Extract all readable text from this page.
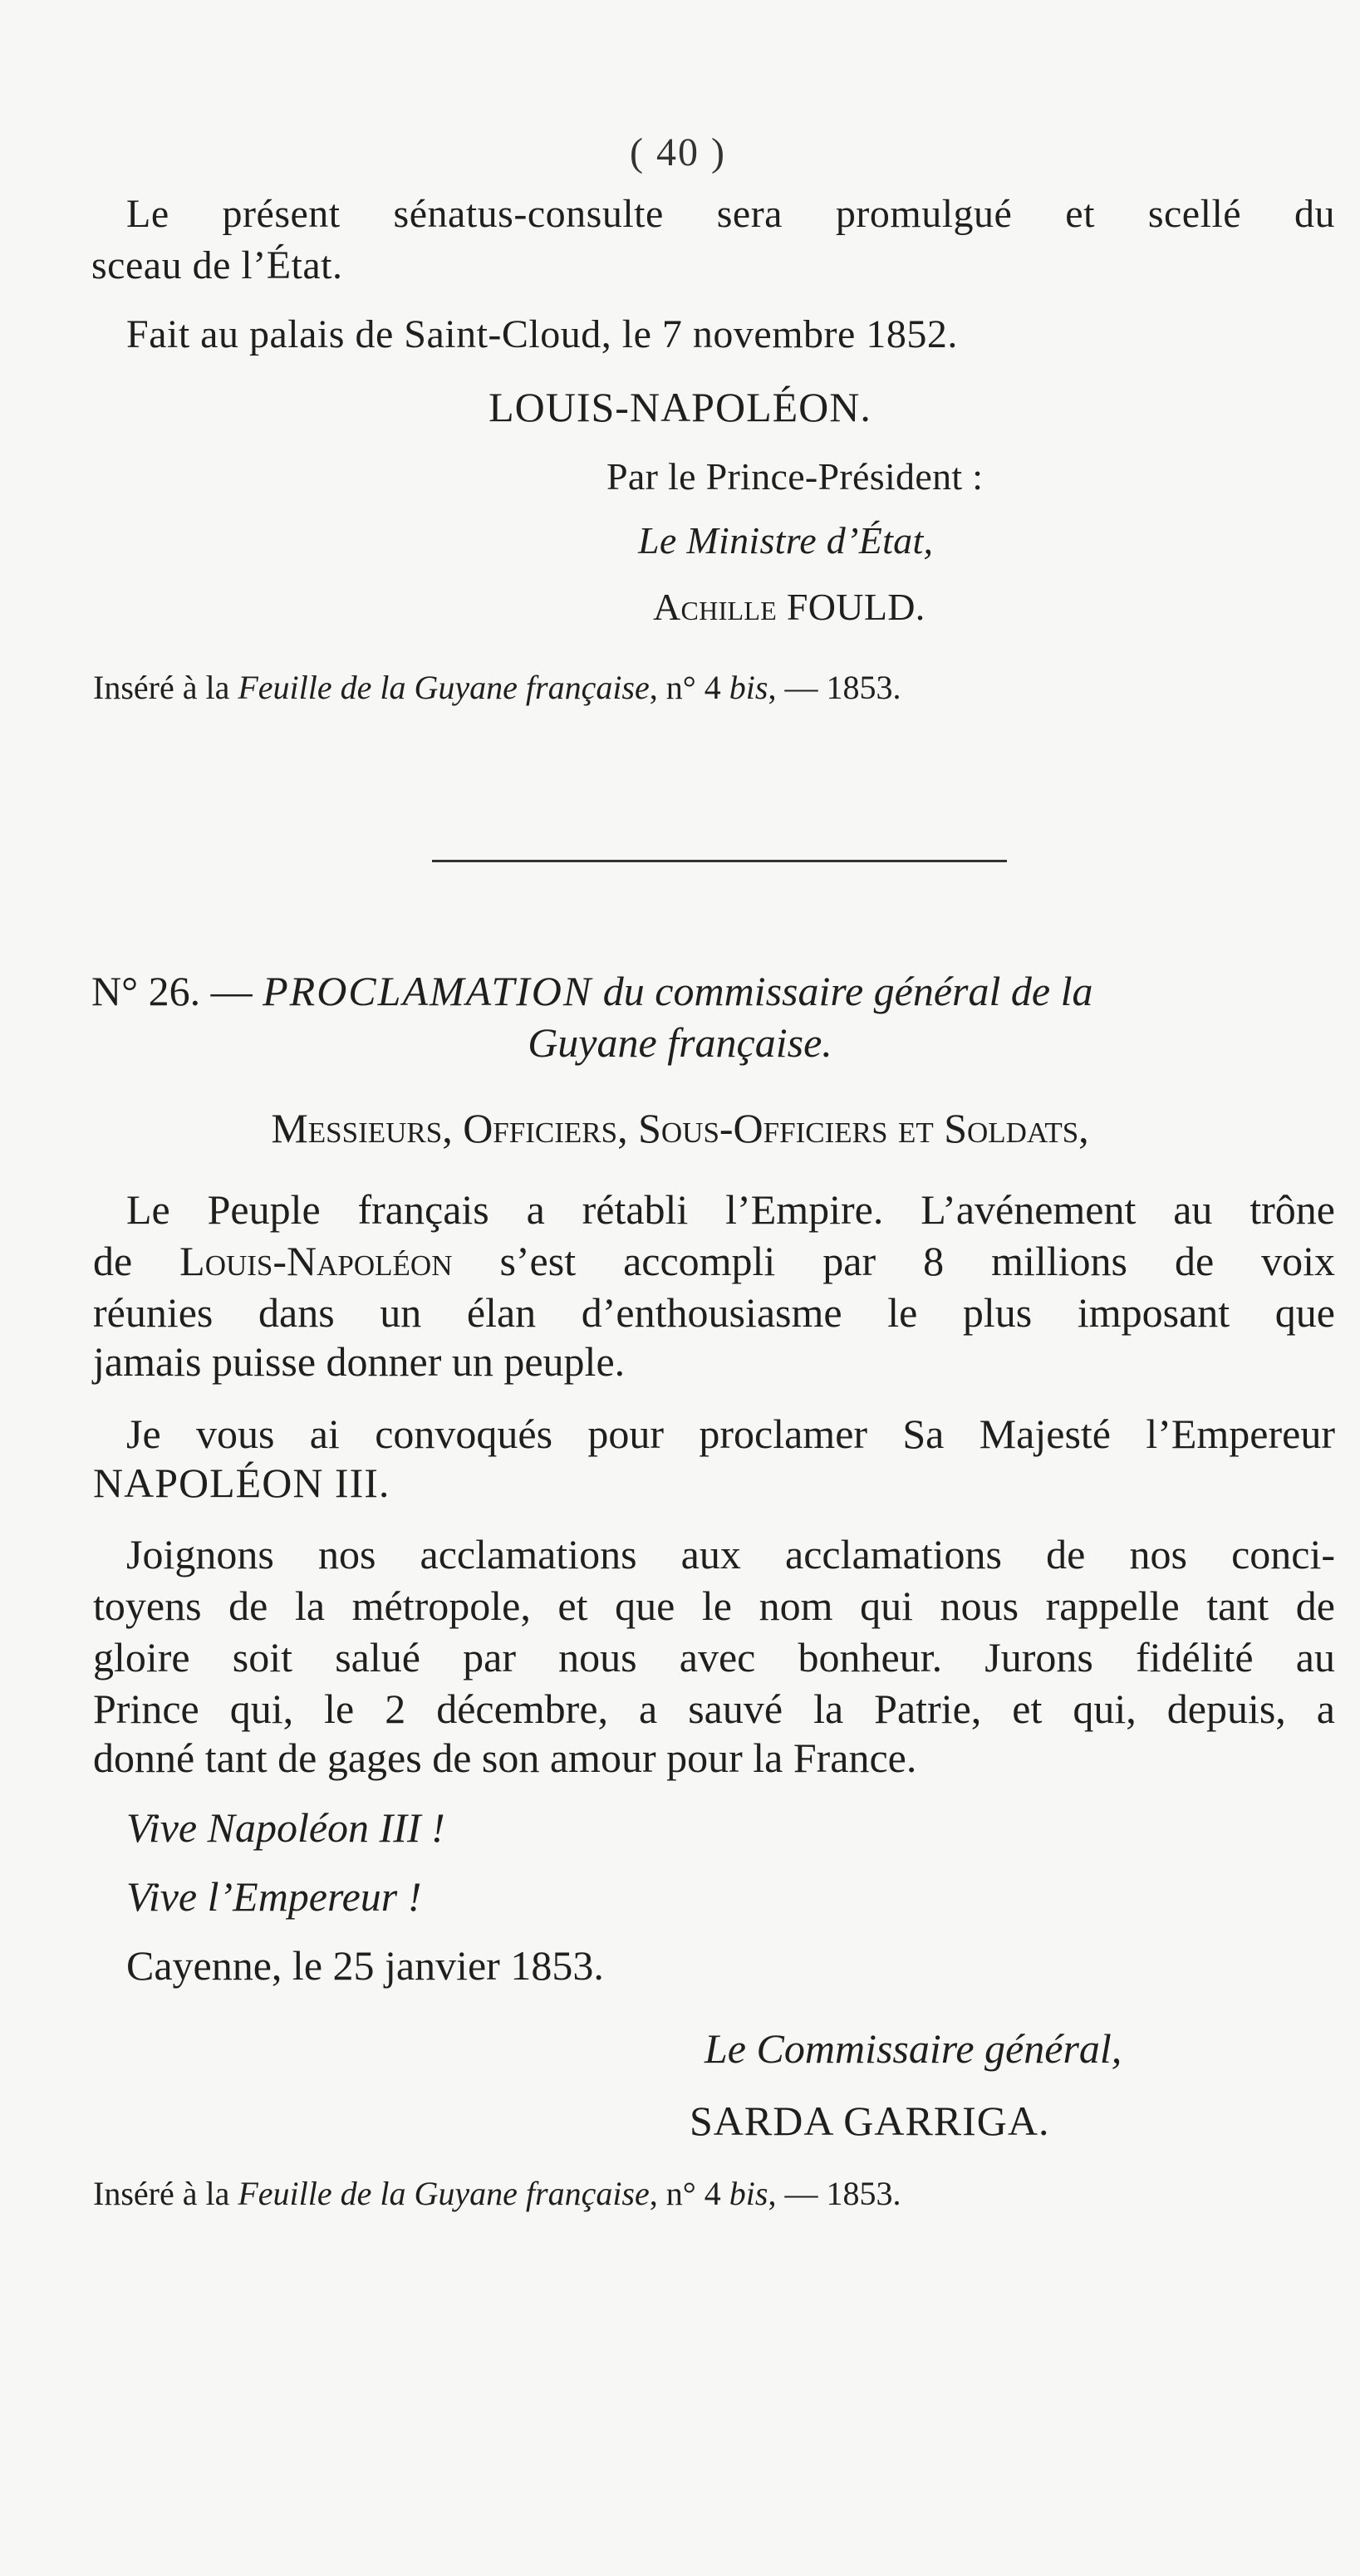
( 40 )
Le présent sénatus-consulte sera promulgué et scellé du
sceau de l’État.
Fait au palais de Saint-Cloud, le 7 novembre 1852.
LOUIS-NAPOLÉON.
Par le Prince-Président :
Le Ministre d’État,
Achille FOULD.
Inséré à la Feuille de la Guyane française, n° 4 bis, — 1853.
N° 26. — PROCLAMATION du commissaire général de la
Guyane française.
Messieurs, Officiers, Sous-Officiers et Soldats,
Le Peuple français a rétabli l’Empire. L’avénement au trône
de Louis-Napoléon s’est accompli par 8 millions de voix
réunies dans un élan d’enthousiasme le plus imposant que
jamais puisse donner un peuple.
Je vous ai convoqués pour proclamer Sa Majesté l’Empereur
NAPOLÉON III.
Joignons nos acclamations aux acclamations de nos conci-
toyens de la métropole, et que le nom qui nous rappelle tant de
gloire soit salué par nous avec bonheur. Jurons fidélité au
Prince qui, le 2 décembre, a sauvé la Patrie, et qui, depuis, a
donné tant de gages de son amour pour la France.
Vive Napoléon III !
Vive l’Empereur !
Cayenne, le 25 janvier 1853.
Le Commissaire général,
SARDA GARRIGA.
Inséré à la Feuille de la Guyane française, n° 4 bis, — 1853.
